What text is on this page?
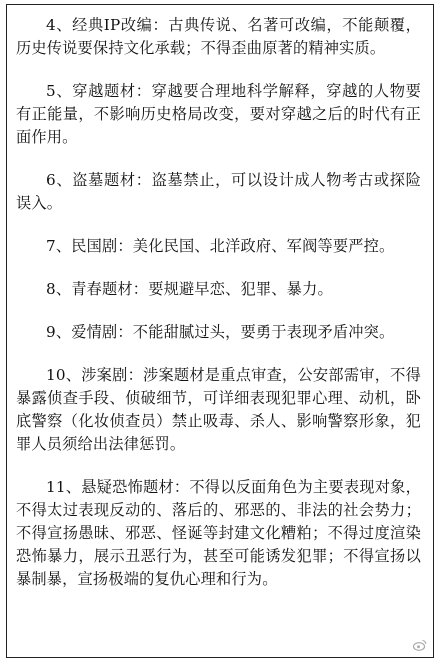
4、经典IP改编：古典传说、名著可改编，不能颠覆，历史传说要保持文化承载；不得歪曲原著的精神实质。

5、穿越题材：穿越要合理地科学解释，穿越的人物要有正能量，不影响历史格局改变，要对穿越之后的时代有正面作用。

6、盗墓题材：盗墓禁止，可以设计成人物考古或探险误入。

7、民国剧：美化民国、北洋政府、军阀等要严控。

8、青春题材：要规避早恋、犯罪、暴力。

9、爱情剧：不能甜腻过头，要勇于表现矛盾冲突。

10、涉案剧：涉案题材是重点审查，公安部需审，不得暴露侦查手段、侦破细节，可详细表现犯罪心理、动机，卧底警察（化妆侦查员）禁止吸毒、杀人、影响警察形象，犯罪人员须给出法律惩罚。

11、悬疑恐怖题材：不得以反面角色为主要表现对象，不得太过表现反动的、落后的、邪恶的、非法的社会势力；不得宣扬愚昧、邪恶、怪诞等封建文化糟粕；不得过度渲染恐怖暴力，展示丑恶行为，甚至可能诱发犯罪；不得宣扬以暴制暴，宣扬极端的复仇心理和行为。
